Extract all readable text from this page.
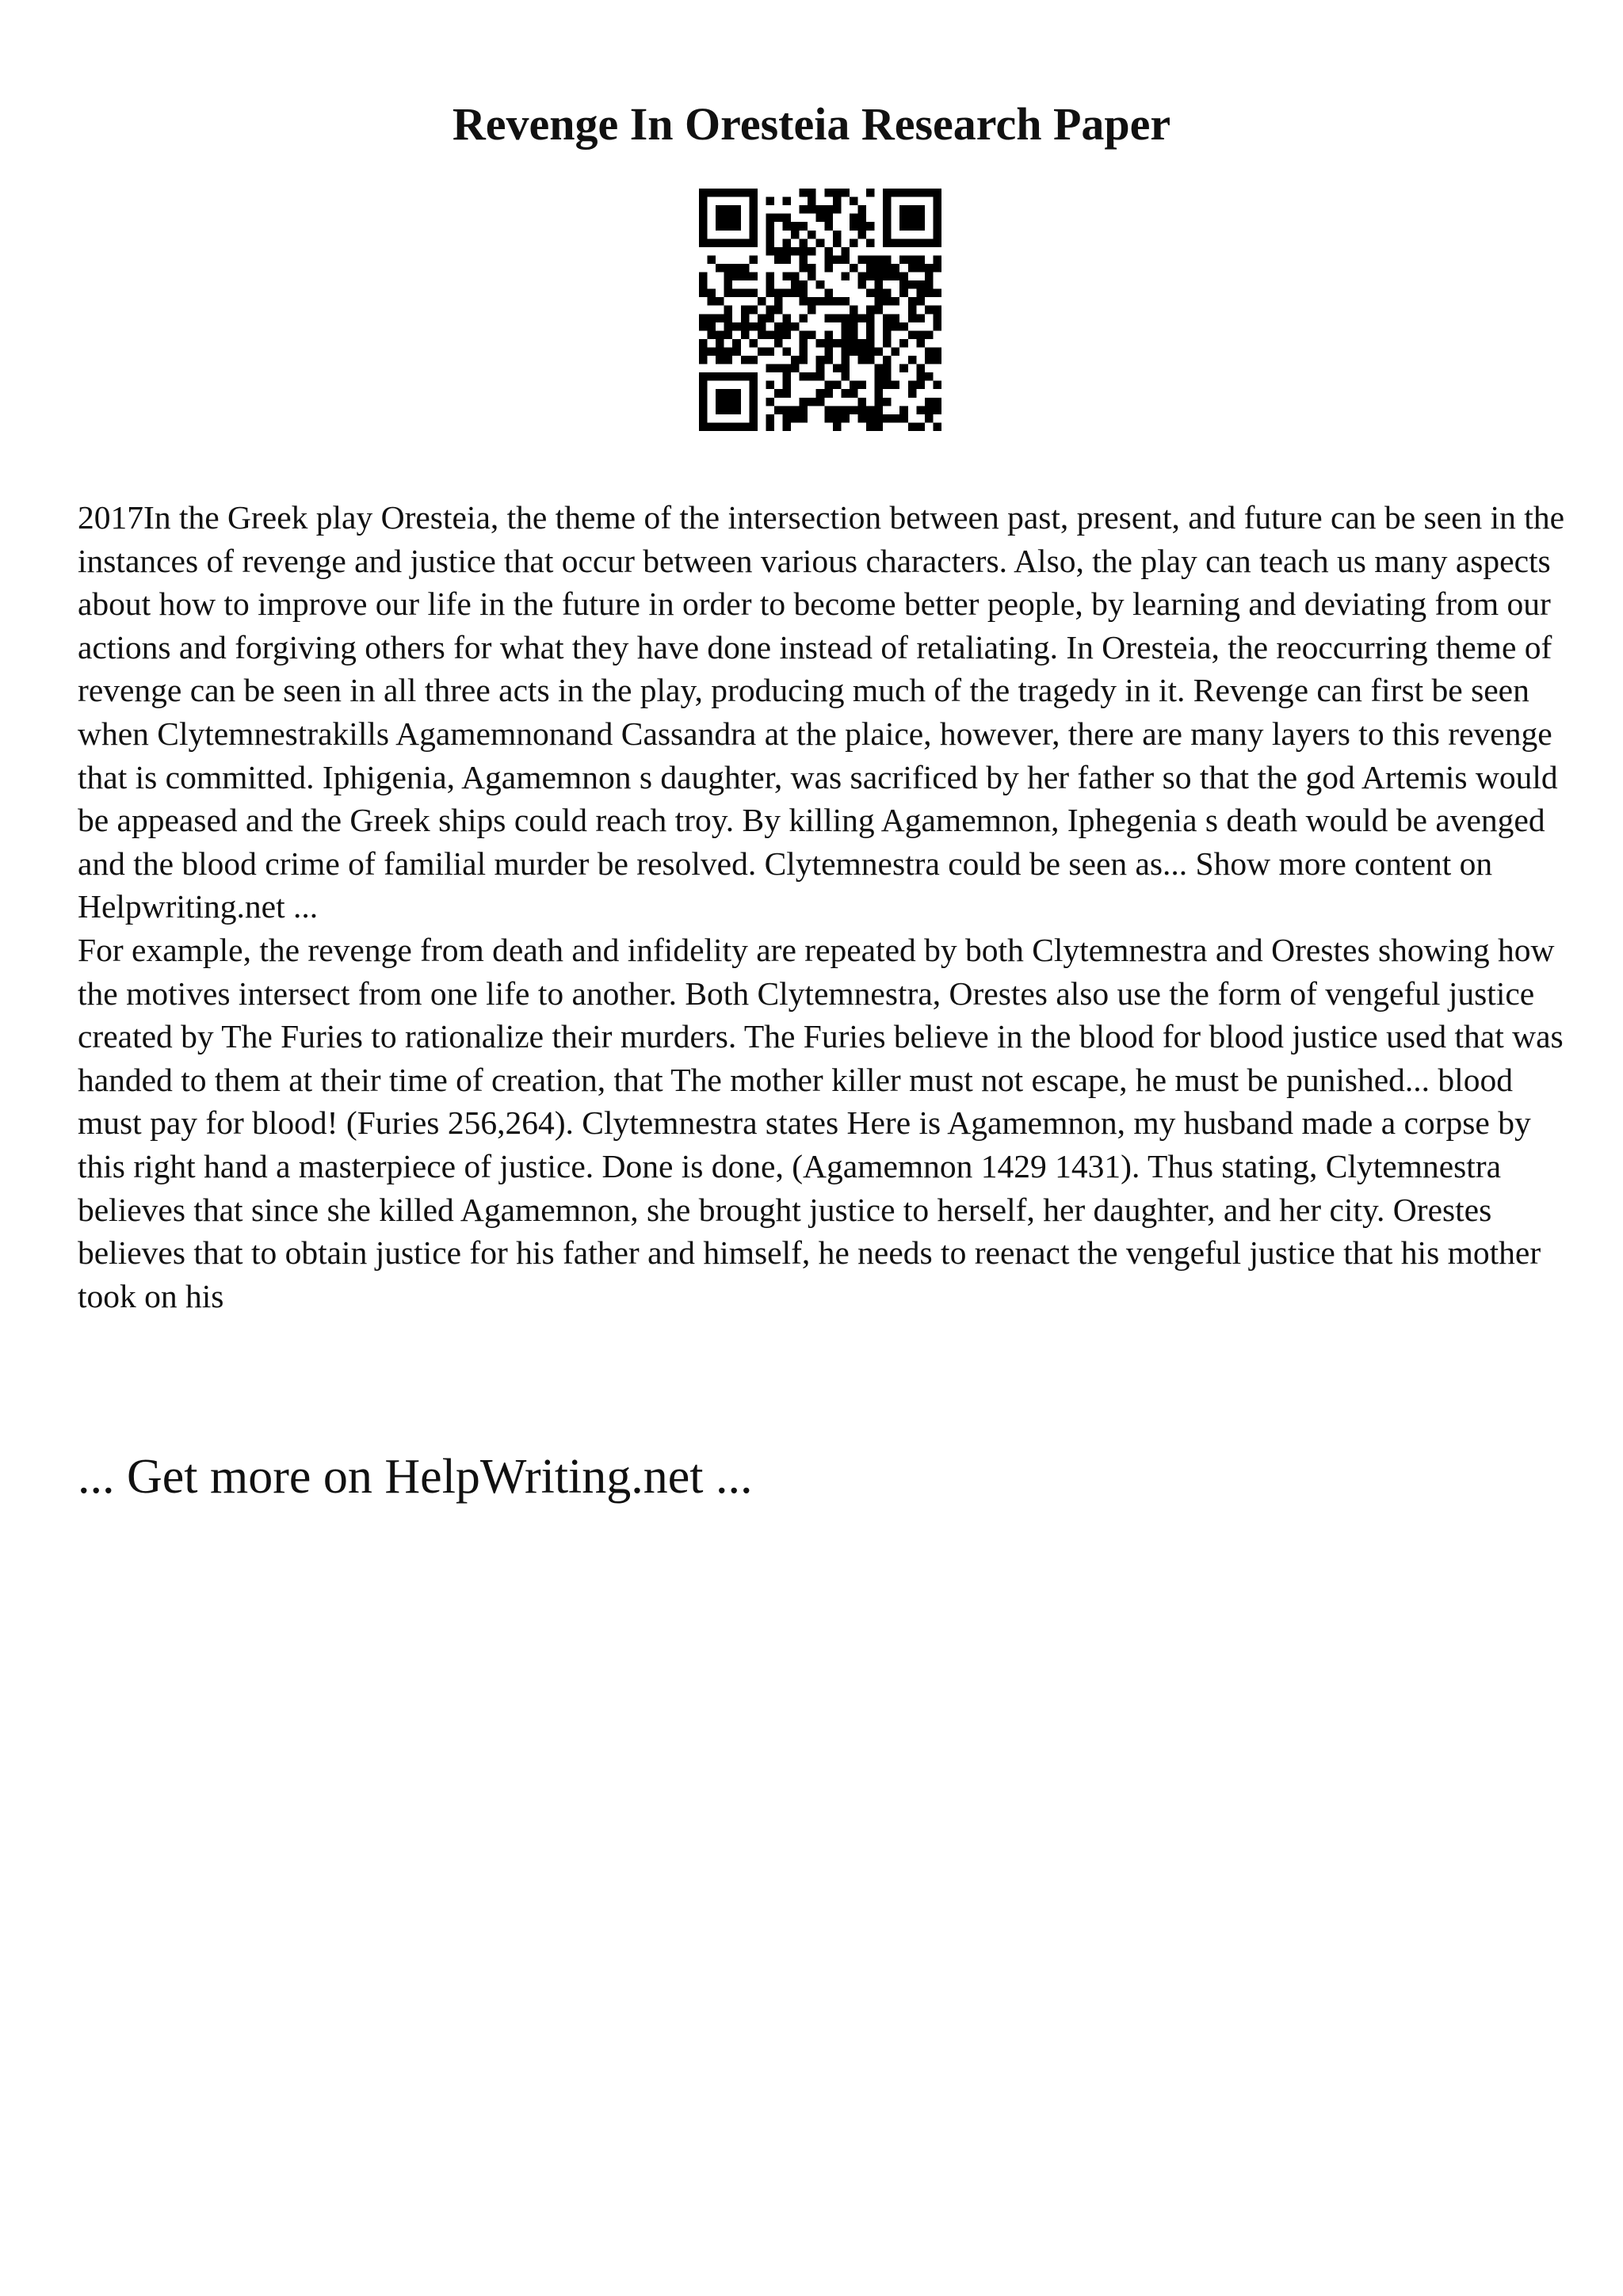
Revenge In Oresteia Research Paper

2017In the Greek play Oresteia, the theme of the intersection between past, present, and future can be seen in the instances of revenge and justice that occur between various characters. Also, the play can teach us many aspects about how to improve our life in the future in order to become better people, by learning and deviating from our actions and forgiving others for what they have done instead of retaliating. In Oresteia, the reoccurring theme of revenge can be seen in all three acts in the play, producing much of the tragedy in it. Revenge can first be seen when Clytemnestrakills Agamemnonand Cassandra at the plaice, however, there are many layers to this revenge that is committed. Iphigenia, Agamemnon s daughter, was sacrificed by her father so that the god Artemis would be appeased and the Greek ships could reach troy. By killing Agamemnon, Iphegenia s death would be avenged and the blood crime of familial murder be resolved. Clytemnestra could be seen as... Show more content on Helpwriting.net ...

For example, the revenge from death and infidelity are repeated by both Clytemnestra and Orestes showing how the motives intersect from one life to another. Both Clytemnestra, Orestes also use the form of vengeful justice created by The Furies to rationalize their murders. The Furies believe in the blood for blood justice used that was handed to them at their time of creation, that The mother killer must not escape, he must be punished... blood must pay for blood! (Furies 256,264). Clytemnestra states Here is Agamemnon, my husband made a corpse by this right hand a masterpiece of justice. Done is done, (Agamemnon 1429 1431). Thus stating, Clytemnestra believes that since she killed Agamemnon, she brought justice to herself, her daughter, and her city. Orestes believes that to obtain justice for his father and himself, he needs to reenact the vengeful justice that his mother took on his

... Get more on HelpWriting.net ...
